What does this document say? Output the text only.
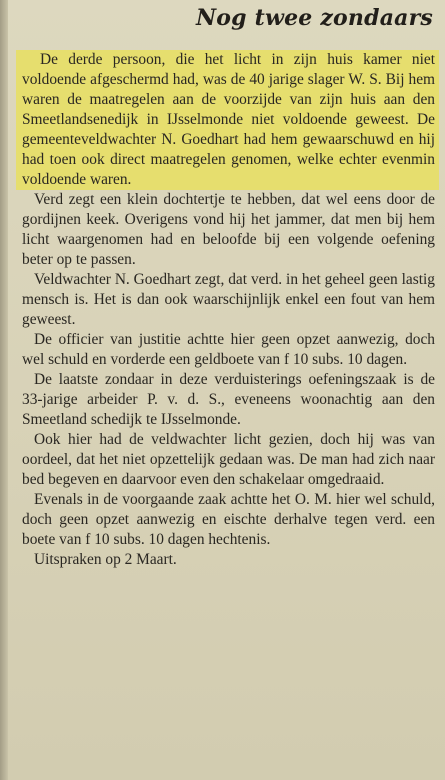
Nog twee zondaars

De derde persoon, die het licht in zijn huis kamer niet voldoende afgeschermd had, was de 40 jarige slager W. S. Bij hem waren de maatregelen aan de voorzijde van zijn huis aan den Smeetlandsenedijk in IJsselmonde niet voldoende geweest. De gemeenteveldwachter N. Goedhart had hem gewaarschuwd en hij had toen ook direct maatregelen genomen, welke echter evenmin voldoende waren.

Verd zegt een klein dochtertje te hebben, dat wel eens door de gordijnen keek. Overigens vond hij het jammer, dat men bij hem licht waargenomen had en beloofde bij een volgende oefening beter op te passen.

Veldwachter N. Goedhart zegt, dat verd. in het geheel geen lastig mensch is. Het is dan ook waarschijnlijk enkel een fout van hem geweest.

De officier van justitie achtte hier geen opzet aanwezig, doch wel schuld en vorderde een geldboete van f 10 subs. 10 dagen.

De laatste zondaar in deze verduisterings oefeningszaak is de 33-jarige arbeider P. v. d. S., eveneens woonachtig aan den Smeetland schedijk te IJsselmonde.

Ook hier had de veldwachter licht gezien, doch hij was van oordeel, dat het niet opzettelijk gedaan was. De man had zich naar bed begeven en daarvoor even den schakelaar omgedraaid.

Evenals in de voorgaande zaak achtte het O. M. hier wel schuld, doch geen opzet aanwezig en eischte derhalve tegen verd. een boete van f 10 subs. 10 dagen hechtenis.

Uitspraken op 2 Maart.
